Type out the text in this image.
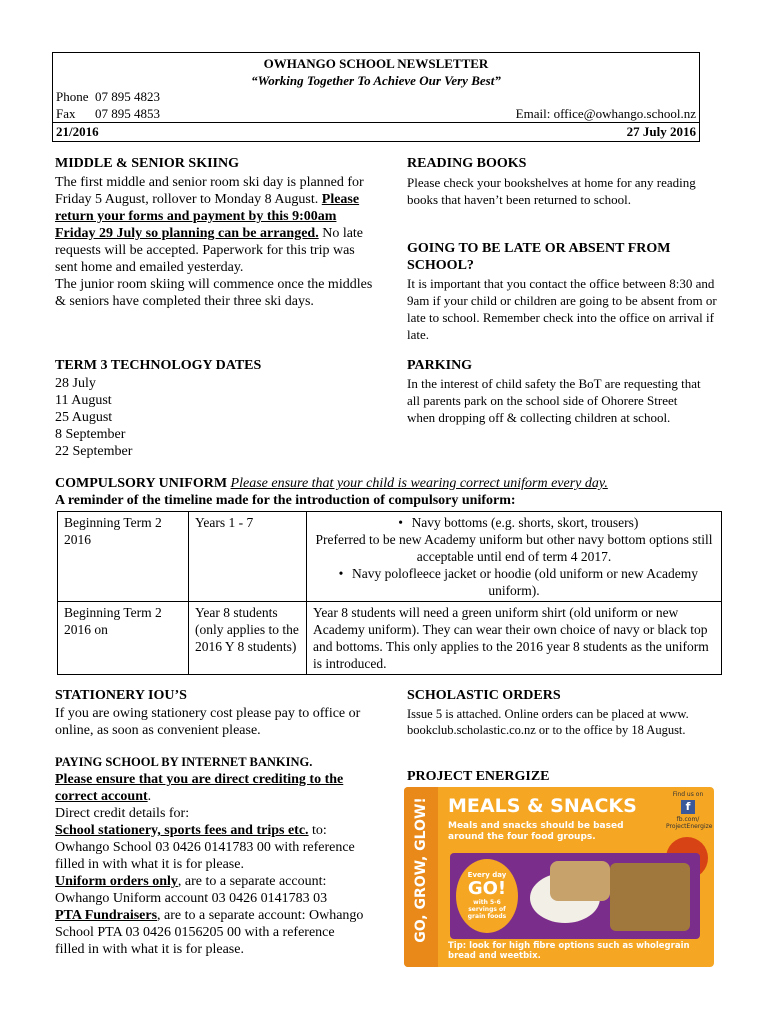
OWHANGO SCHOOL NEWSLETTER
“Working Together To Achieve Our Very Best”
Phone  07 895 4823
Fax      07 895 4853	Email: office@owhango.school.nz
21/2016	27 July 2016
MIDDLE & SENIOR SKIING
The first middle and senior room ski day is planned for Friday 5 August, rollover to Monday 8 August. Please return your forms and payment by this 9:00am Friday 29 July so planning can be arranged. No late requests will be accepted. Paperwork for this trip was sent home and emailed yesterday.
The junior room skiing will commence once the middles & seniors have completed their three ski days.
TERM 3 TECHNOLOGY DATES
28 July
11 August
25 August
8 September
22 September
READING BOOKS
Please check your bookshelves at home for any reading books that haven’t been returned to school.
GOING TO BE LATE OR ABSENT FROM SCHOOL?
It is important that you contact the office between 8:30 and 9am if your child or children are going to be absent from or late to school. Remember check into the office on arrival if late.
PARKING
In the interest of child safety the BoT are requesting that all parents park on the school side of Ohorere Street when dropping off & collecting children at school.
COMPULSORY UNIFORM Please ensure that your child is wearing correct uniform every day.
A reminder of the timeline made for the introduction of compulsory uniform:
Beginning Term 2 2016	Years 1 - 7	• Navy bottoms (e.g. shorts, skort, trousers)
Preferred to be new Academy uniform but other navy bottom options still acceptable until end of term 4 2017.
• Navy polofleece jacket or hoodie (old uniform or new Academy uniform).

Beginning Term 2 2016 on	Year 8 students (only applies to the 2016 Y 8 students)	Year 8 students will need a green uniform shirt (old uniform or new Academy uniform). They can wear their own choice of navy or black top and bottoms. This only applies to the 2016 year 8 students as the uniform is introduced.
STATIONERY IOU’S
If you are owing stationery cost please pay to office or online, as soon as convenient please.
PAYING SCHOOL BY INTERNET BANKING.
Please ensure that you are direct crediting to the correct account.
Direct credit details for:
School stationery, sports fees and trips etc. to: Owhango School 03 0426 0141783 00 with reference filled in with what it is for please.
Uniform orders only, are to a separate account: Owhango Uniform account 03 0426 0141783 03
PTA Fundraisers, are to a separate account: Owhango School PTA 03 0426 0156205 00 with a reference filled in with what it is for please.
SCHOLASTIC ORDERS
Issue 5 is attached. Online orders can be placed at www. bookclub.scholastic.co.nz or to the office by 18 August.
PROJECT ENERGIZE
GO, GROW, GLOW! MEALS & SNACKS
Find us on
f
fb.com/ ProjectEnergize
Meals and snacks should be based around the four food groups.
Every day
GO!
with 5-6 servings of grain foods
Tip: look for high fibre options such as wholegrain bread and weetbix.
